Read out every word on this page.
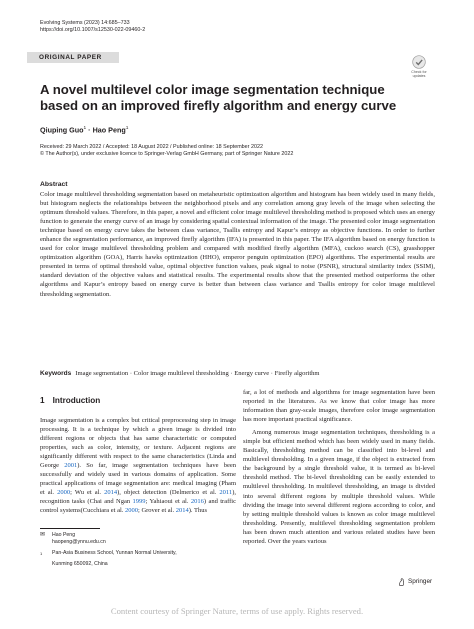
Evolving Systems (2023) 14:685–733
https://doi.org/10.1007/s12530-022-09460-2
ORIGINAL PAPER
Check for
updates
A novel multilevel color image segmentation technique based on an improved firefly algorithm and energy curve
Qiuping Guo$^1$ · Hao Peng$^1$
Received: 29 March 2022 / Accepted: 18 August 2022 / Published online: 18 September 2022
© The Author(s), under exclusive licence to Springer-Verlag GmbH Germany, part of Springer Nature 2022
Abstract

Color image multilevel thresholding segmentation based on metaheuristic optimization algorithm and histogram has been widely used in many fields, but histogram neglects the relationships between the neighborhood pixels and any correlation among gray levels of the image when selecting the optimum threshold values. Therefore, in this paper, a novel and efficient color image multilevel thresholding method is proposed which uses an energy function to generate the energy curve of an image by considering spatial contextual information of the image. The presented color image segmentation technique based on energy curve takes the between class variance, Tsallis entropy and Kapur’s entropy as objective functions. In order to further enhance the segmentation performance, an improved firefly algorithm (IFA) is presented in this paper. The IFA algorithm based on energy function is used for color image multilevel thresholding problem and compared with modified firefly algorithm (MFA), cuckoo search (CS), grasshopper optimization algorithm (GOA), Harris hawks optimization (HHO), emperor penguin optimization (EPO) algorithms. The experimental results are presented in terms of optimal threshold value, optimal objective function values, peak signal to noise (PSNR), structural similarity index (SSIM), standard deviation of the objective values and statistical results. The experimental results show that the presented method outperforms the other algorithms and Kapur’s entropy based on energy curve is better than between class variance and Tsallis entropy for color image multilevel thresholding segmentation.

Keywords Image segmentation · Color image multilevel thresholding · Energy curve · Firefly algorithm
1 Introduction

Image segmentation is a complex but critical preprocessing step in image processing. It is a technique by which a given image is divided into different regions or objects that has same characteristic or computed properties, such as color, intensity, or texture. Adjacent regions are significantly different with respect to the same characteristics (Linda and George 2001). So far, image segmentation techniques have been successfully and widely used in various domains of application. Some practical applications of image segmentation are: medical imaging (Pham et al. 2000; Wu et al. 2014), object detection (Delmerico et al. 2011), recognition tasks (Chai and Ngan 1999; Yahiaoui et al. 2016) and traffic control systems(Cucchiara et al. 2000; Grover et al. 2014). Thus

far, a lot of methods and algorithms for image segmentation have been reported in the literatures. As we know that color image has more information than gray-scale images, therefore color image segmentation has more important practical significance.

Among numerous image segmentation techniques, thresholding is a simple but efficient method which has been widely used in many fields. Basically, thresholding method can be classified into bi-level and multilevel thresholding. In a given image, if the object is extracted from the background by a single threshold value, it is termed as bi-level threshold method. The bi-level thresholding can be easily extended to multilevel thresholding. In multilevel thresholding, an image is divided into several different regions by multiple threshold values. While dividing the image into several different regions according to color, and by setting multiple threshold values is known as color image multilevel thresholding. Presently, multilevel thresholding segmentation problem has been drawn much attention and various related studies have been reported. Over the years various

✉	Hao Peng
haopeng@ynnu.edu.cn
$^1$	Pan-Asia Business School, Yunnan Normal University,
Kunming 650092, China
Springer
Content courtesy of Springer Nature, terms of use apply. Rights reserved.
